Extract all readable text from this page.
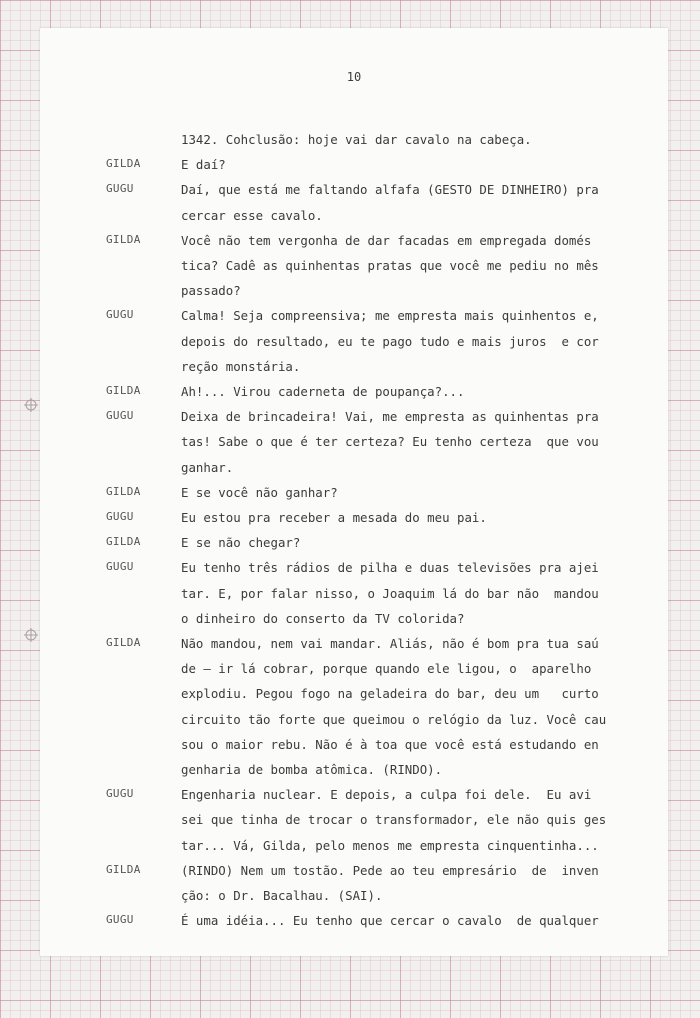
10
1342. Cohclusão: hoje vai dar cavalo na cabeça.
GILDA	E daí?
GUGU	Daí, que está me faltando alfafa (GESTO DE DINHEIRO) pra
cercar esse cavalo.
GILDA	Você não tem vergonha de dar facadas em empregada domés
tica? Cadê as quinhentas pratas que você me pediu no mês
passado?
GUGU	Calma! Seja compreensiva; me empresta mais quinhentos e,
depois do resultado, eu te pago tudo e mais juros  e cor
reção monstária.
GILDA	Ah!... Virou caderneta de poupança?...
GUGU	Deixa de brincadeira! Vai, me empresta as quinhentas pra
tas! Sabe o que é ter certeza? Eu tenho certeza  que vou
ganhar.
GILDA	E se você não ganhar?
GUGU	Eu estou pra receber a mesada do meu pai.
GILDA	E se não chegar?
GUGU	Eu tenho três rádios de pilha e duas televisões pra ajei
tar. E, por falar nisso, o Joaquim lá do bar não  mandou
o dinheiro do conserto da TV colorida?
GILDA	Não mandou, nem vai mandar. Aliás, não é bom pra tua saú
de — ir lá cobrar, porque quando ele ligou, o  aparelho
explodiu. Pegou fogo na geladeira do bar, deu um   curto
circuito tão forte que queimou o relógio da luz. Você cau
sou o maior rebu. Não é à toa que você está estudando en
genharia de bomba atômica. (RINDO).
GUGU	Engenharia nuclear. E depois, a culpa foi dele.  Eu avi
sei que tinha de trocar o transformador, ele não quis ges
tar... Vá, Gilda, pelo menos me empresta cinquentinha...
GILDA	(RINDO) Nem um tostão. Pede ao teu empresário  de  inven
ção: o Dr. Bacalhau. (SAI).
GUGU	É uma idéia... Eu tenho que cercar o cavalo  de qualquer
